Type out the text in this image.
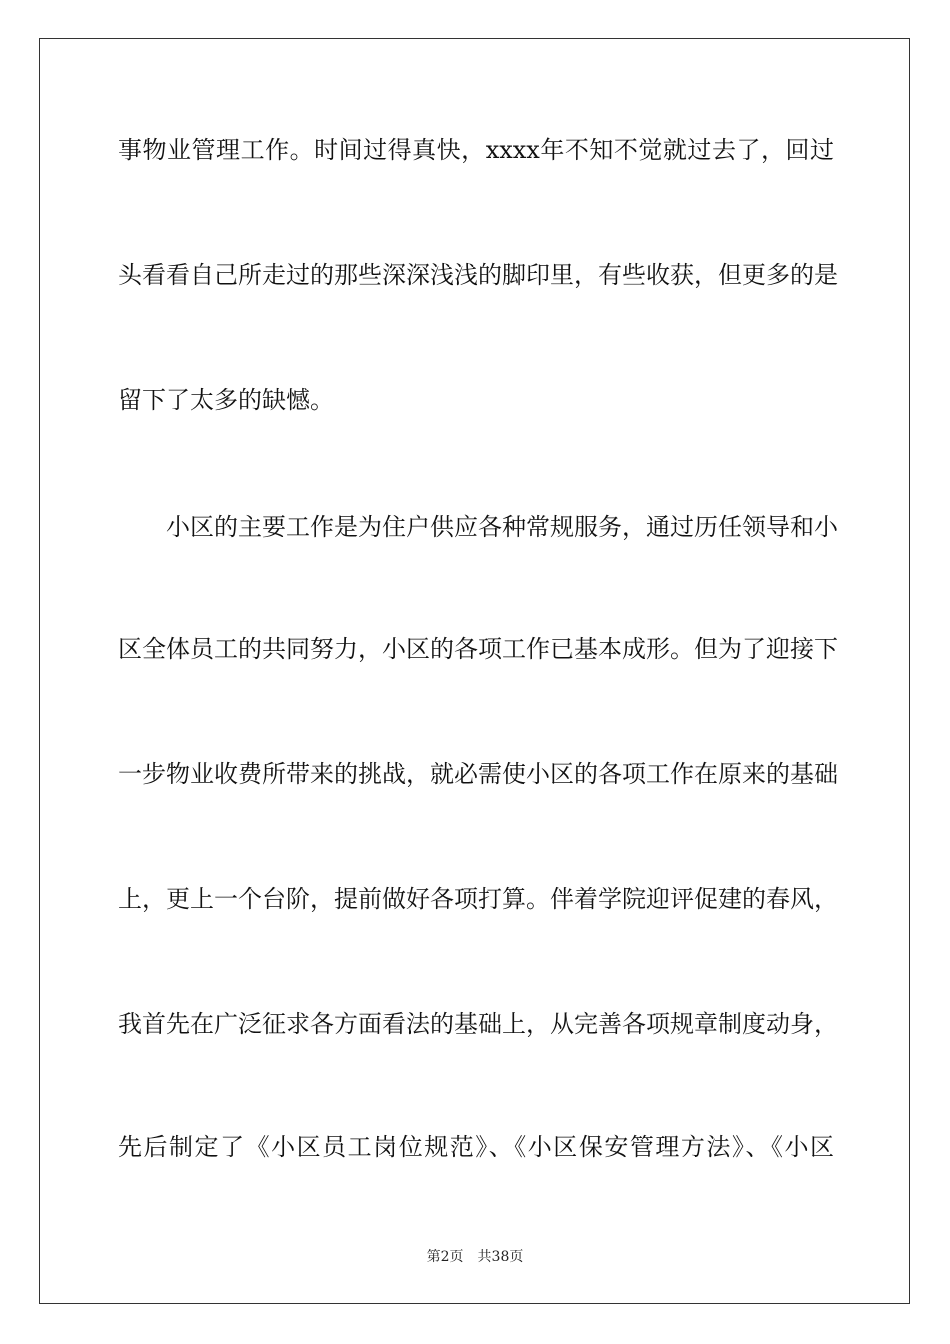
事物业管理工作。时间过得真快，xxxx年不知不觉就过去了，回过
头看看自己所走过的那些深深浅浅的脚印里，有些收获，但更多的是
留下了太多的缺憾。
小区的主要工作是为住户供应各种常规服务，通过历任领导和小
区全体员工的共同努力，小区的各项工作已基本成形。但为了迎接下
一步物业收费所带来的挑战，就必需使小区的各项工作在原来的基础
上，更上一个台阶，提前做好各项打算。伴着学院迎评促建的春风，
我首先在广泛征求各方面看法的基础上，从完善各项规章制度动身，
先后制定了《小区员工岗位规范》、《小区保安管理方法》、《小区
第2页 共38页
